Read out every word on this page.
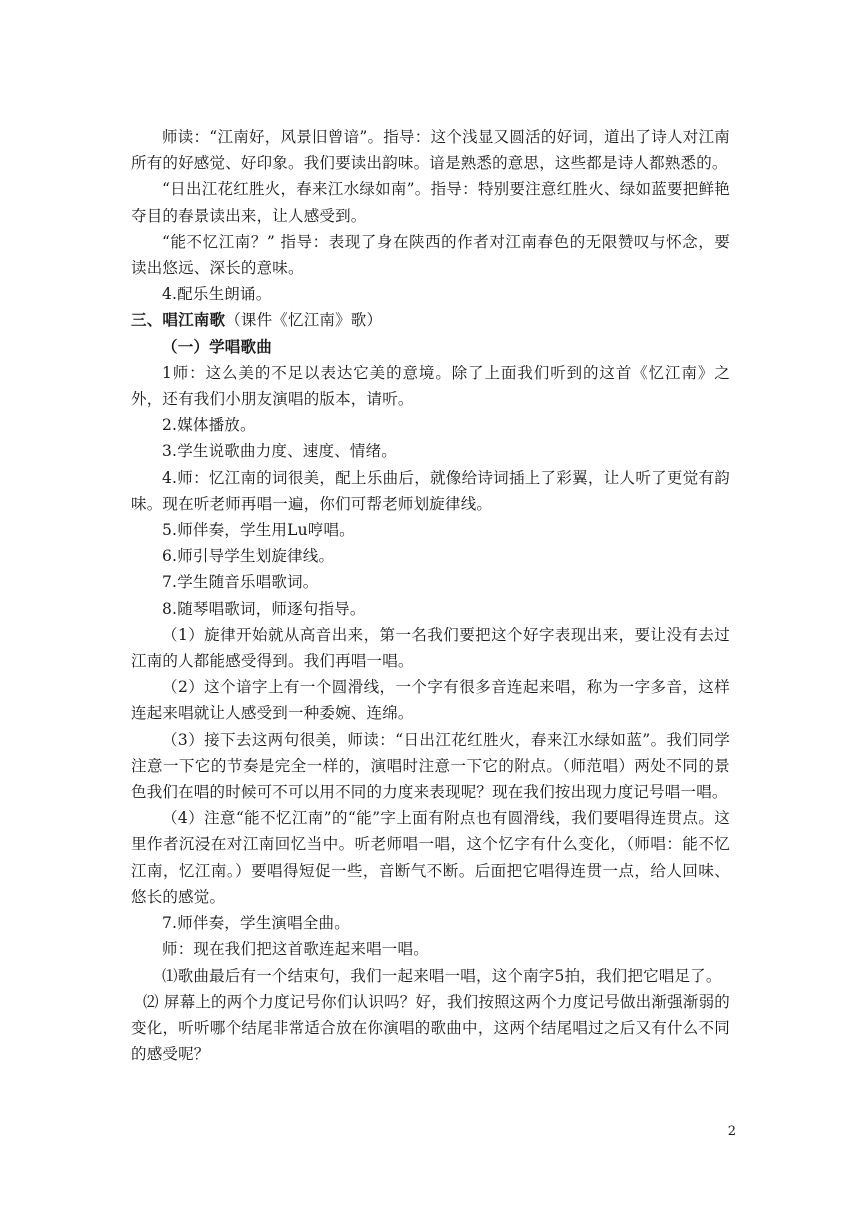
师读：“江南好，风景旧曾谙”。指导：这个浅显又圆活的好词，道出了诗人对江南所有的好感觉、好印象。我们要读出韵味。谙是熟悉的意思，这些都是诗人都熟悉的。

“日出江花红胜火，春来江水绿如南”。指导：特别要注意红胜火、绿如蓝要把鲜艳夺目的春景读出来，让人感受到。

“能不忆江南？” 指导：表现了身在陕西的作者对江南春色的无限赞叹与怀念，要读出悠远、深长的意味。

4.配乐生朗诵。

三、唱江南歌（课件《忆江南》歌）

（一）学唱歌曲

1师：这么美的不足以表达它美的意境。除了上面我们听到的这首《忆江南》之外，还有我们小朋友演唱的版本，请听。

2.媒体播放。

3.学生说歌曲力度、速度、情绪。

4.师：忆江南的词很美，配上乐曲后，就像给诗词插上了彩翼，让人听了更觉有韵味。现在听老师再唱一遍，你们可帮老师划旋律线。

5.师伴奏，学生用Lu哼唱。

6.师引导学生划旋律线。

7.学生随音乐唱歌词。

8.随琴唱歌词，师逐句指导。

（1）旋律开始就从高音出来，第一名我们要把这个好字表现出来，要让没有去过江南的人都能感受得到。我们再唱一唱。

（2）这个谙字上有一个圆滑线，一个字有很多音连起来唱，称为一字多音，这样连起来唱就让人感受到一种委婉、连绵。

（3）接下去这两句很美，师读：“日出江花红胜火，春来江水绿如蓝”。我们同学注意一下它的节奏是完全一样的，演唱时注意一下它的附点。（师范唱）两处不同的景色我们在唱的时候可不可以用不同的力度来表现呢？现在我们按出现力度记号唱一唱。

（4）注意“能不忆江南”的“能”字上面有附点也有圆滑线，我们要唱得连贯点。这里作者沉浸在对江南回忆当中。听老师唱一唱，这个忆字有什么变化，（师唱：能不忆江南，忆江南。）要唱得短促一些，音断气不断。后面把它唱得连贯一点，给人回味、悠长的感觉。

7.师伴奏，学生演唱全曲。

师：现在我们把这首歌连起来唱一唱。

⑴歌曲最后有一个结束句，我们一起来唱一唱，这个南字5拍，我们把它唱足了。

⑵ 屏幕上的两个力度记号你们认识吗？好，我们按照这两个力度记号做出渐强渐弱的变化，听听哪个结尾非常适合放在你演唱的歌曲中，这两个结尾唱过之后又有什么不同的感受呢？

2
